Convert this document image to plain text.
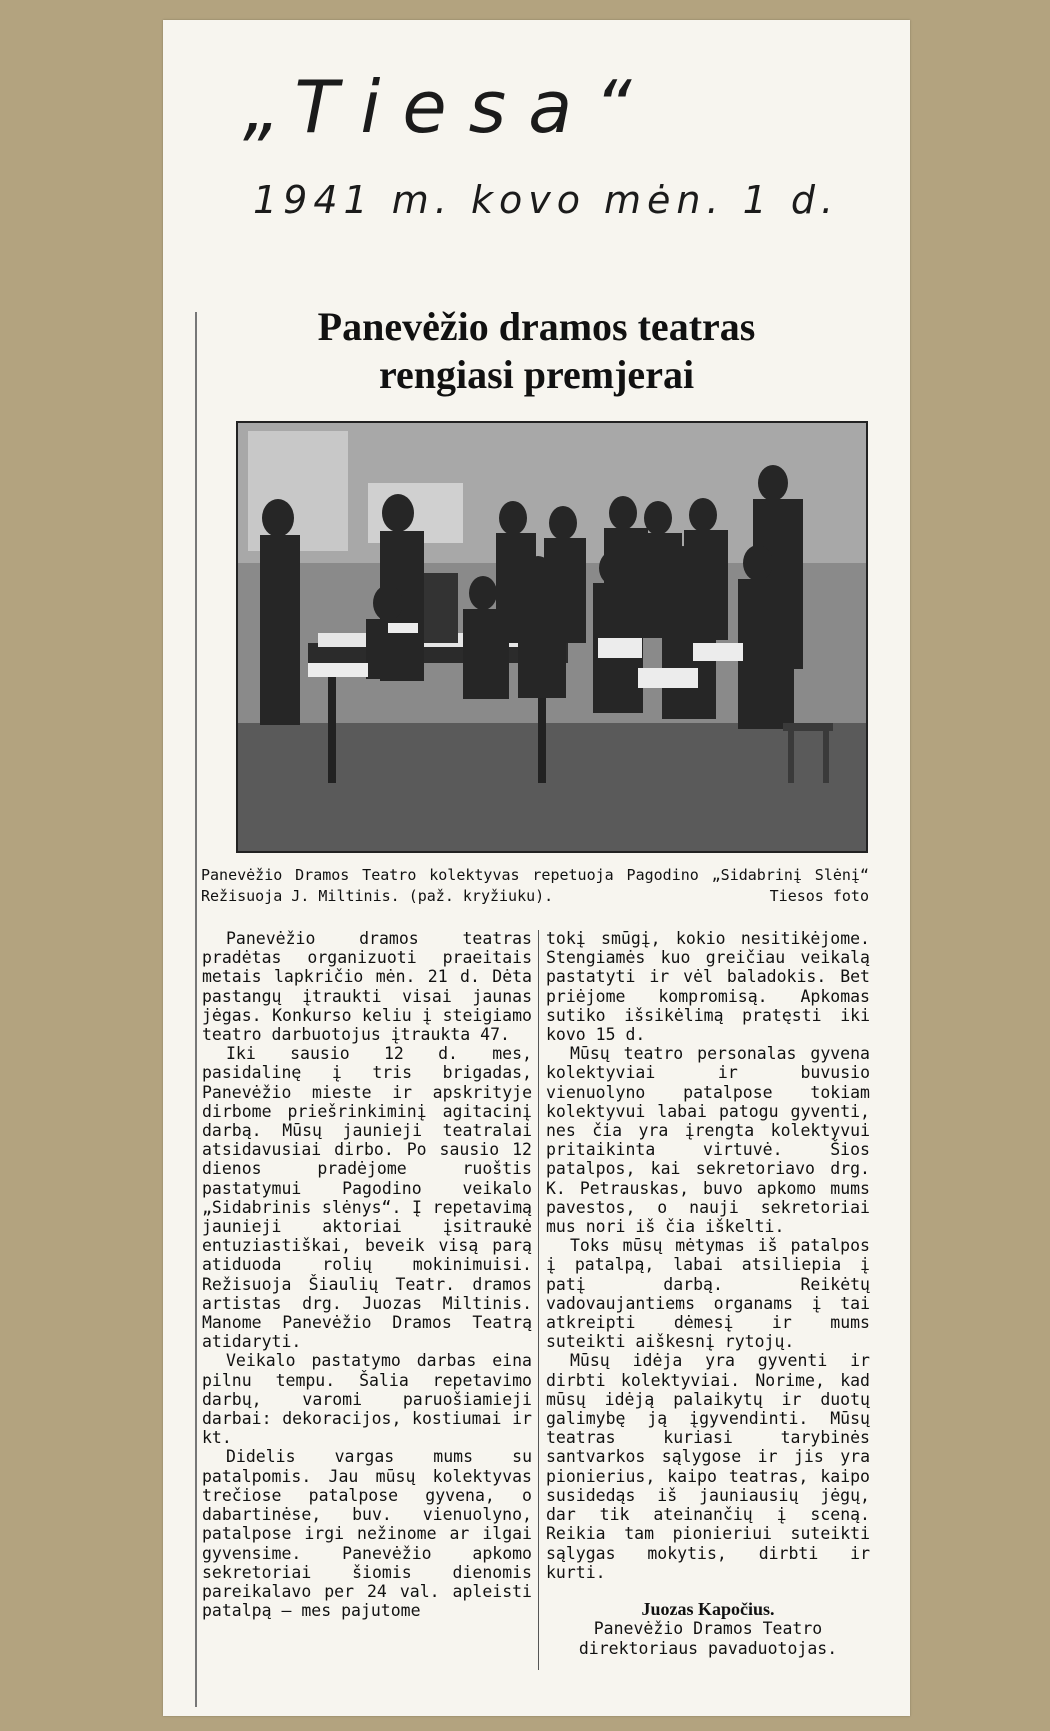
„Tiesa“
1941 m. kovo mėn. 1 d.
Panevėžio dramos teatras
rengiasi premjerai
Panevėžio Dramos Teatro kolektyvas repetuoja Pagodino „Sidabrinį Slėnį“ Režisuoja J. Miltinis. (paž. kryžiuku).	Tiesos foto

Panevėžio dramos teatras pradėtas organizuoti praeitais metais lapkričio mėn. 21 d. Dėta pastangų įtraukti visai jaunas jėgas. Konkurso keliu į steigiamo teatro darbuotojus įtraukta 47.

Iki sausio 12 d. mes, pasidalinę į tris brigadas, Panevėžio mieste ir apskrityje dirbome priešrinkiminį agitacinį darbą. Mūsų jaunieji teatralai atsidavusiai dirbo. Po sausio 12 dienos pradėjome ruoštis pastatymui Pagodino veikalo „Sidabrinis slėnys“. Į repetavimą jaunieji aktoriai įsitraukė entuziastiškai, beveik visą parą atiduoda rolių mokinimuisi. Režisuoja Šiaulių Teatr. dramos artistas drg. Juozas Miltinis. Manome Panevėžio Dramos Teatrą atidaryti.

Veikalo pastatymo darbas eina pilnu tempu. Šalia repetavimo darbų, varomi paruošiamieji darbai: dekoracijos, kostiumai ir kt.

Didelis vargas mums su patalpomis. Jau mūsų kolektyvas trečiose patalpose gyvena, o dabartinėse, buv. vienuolyno, patalpose irgi nežinome ar ilgai gyvensime. Panevėžio apkomo sekretoriai šiomis dienomis pareikalavo per 24 val. apleisti patalpą — mes pajutome

tokį smūgį, kokio nesitikėjome. Stengiamės kuo greičiau veikalą pastatyti ir vėl baladokis. Bet priėjome kompromisą. Apkomas sutiko išsikėlimą pratęsti iki kovo 15 d.

Mūsų teatro personalas gyvena kolektyviai ir buvusio vienuolyno patalpose tokiam kolektyvui labai patogu gyventi, nes čia yra įrengta kolektyvui pritaikinta virtuvė. Šios patalpos, kai sekretoriavo drg. K. Petrauskas, buvo apkomo mums pavestos, o nauji sekretoriai mus nori iš čia iškelti.

Toks mūsų mėtymas iš patalpos į patalpą, labai atsiliepia į patį darbą. Reikėtų vadovaujantiems organams į tai atkreipti dėmesį ir mums suteikti aiškesnį rytojų.

Mūsų idėja yra gyventi ir dirbti kolektyviai. Norime, kad mūsų idėją palaikytų ir duotų galimybę ją įgyvendinti. Mūsų teatras kuriasi tarybinės santvarkos sąlygose ir jis yra pionierius, kaipo teatras, kaipo susidedąs iš jauniausių jėgų, dar tik ateinančių į sceną. Reikia tam pionieriui suteikti sąlygas mokytis, dirbti ir kurti.

Juozas Kapočius.
Panevėžio Dramos Teatro
direktoriaus pavaduotojas.
